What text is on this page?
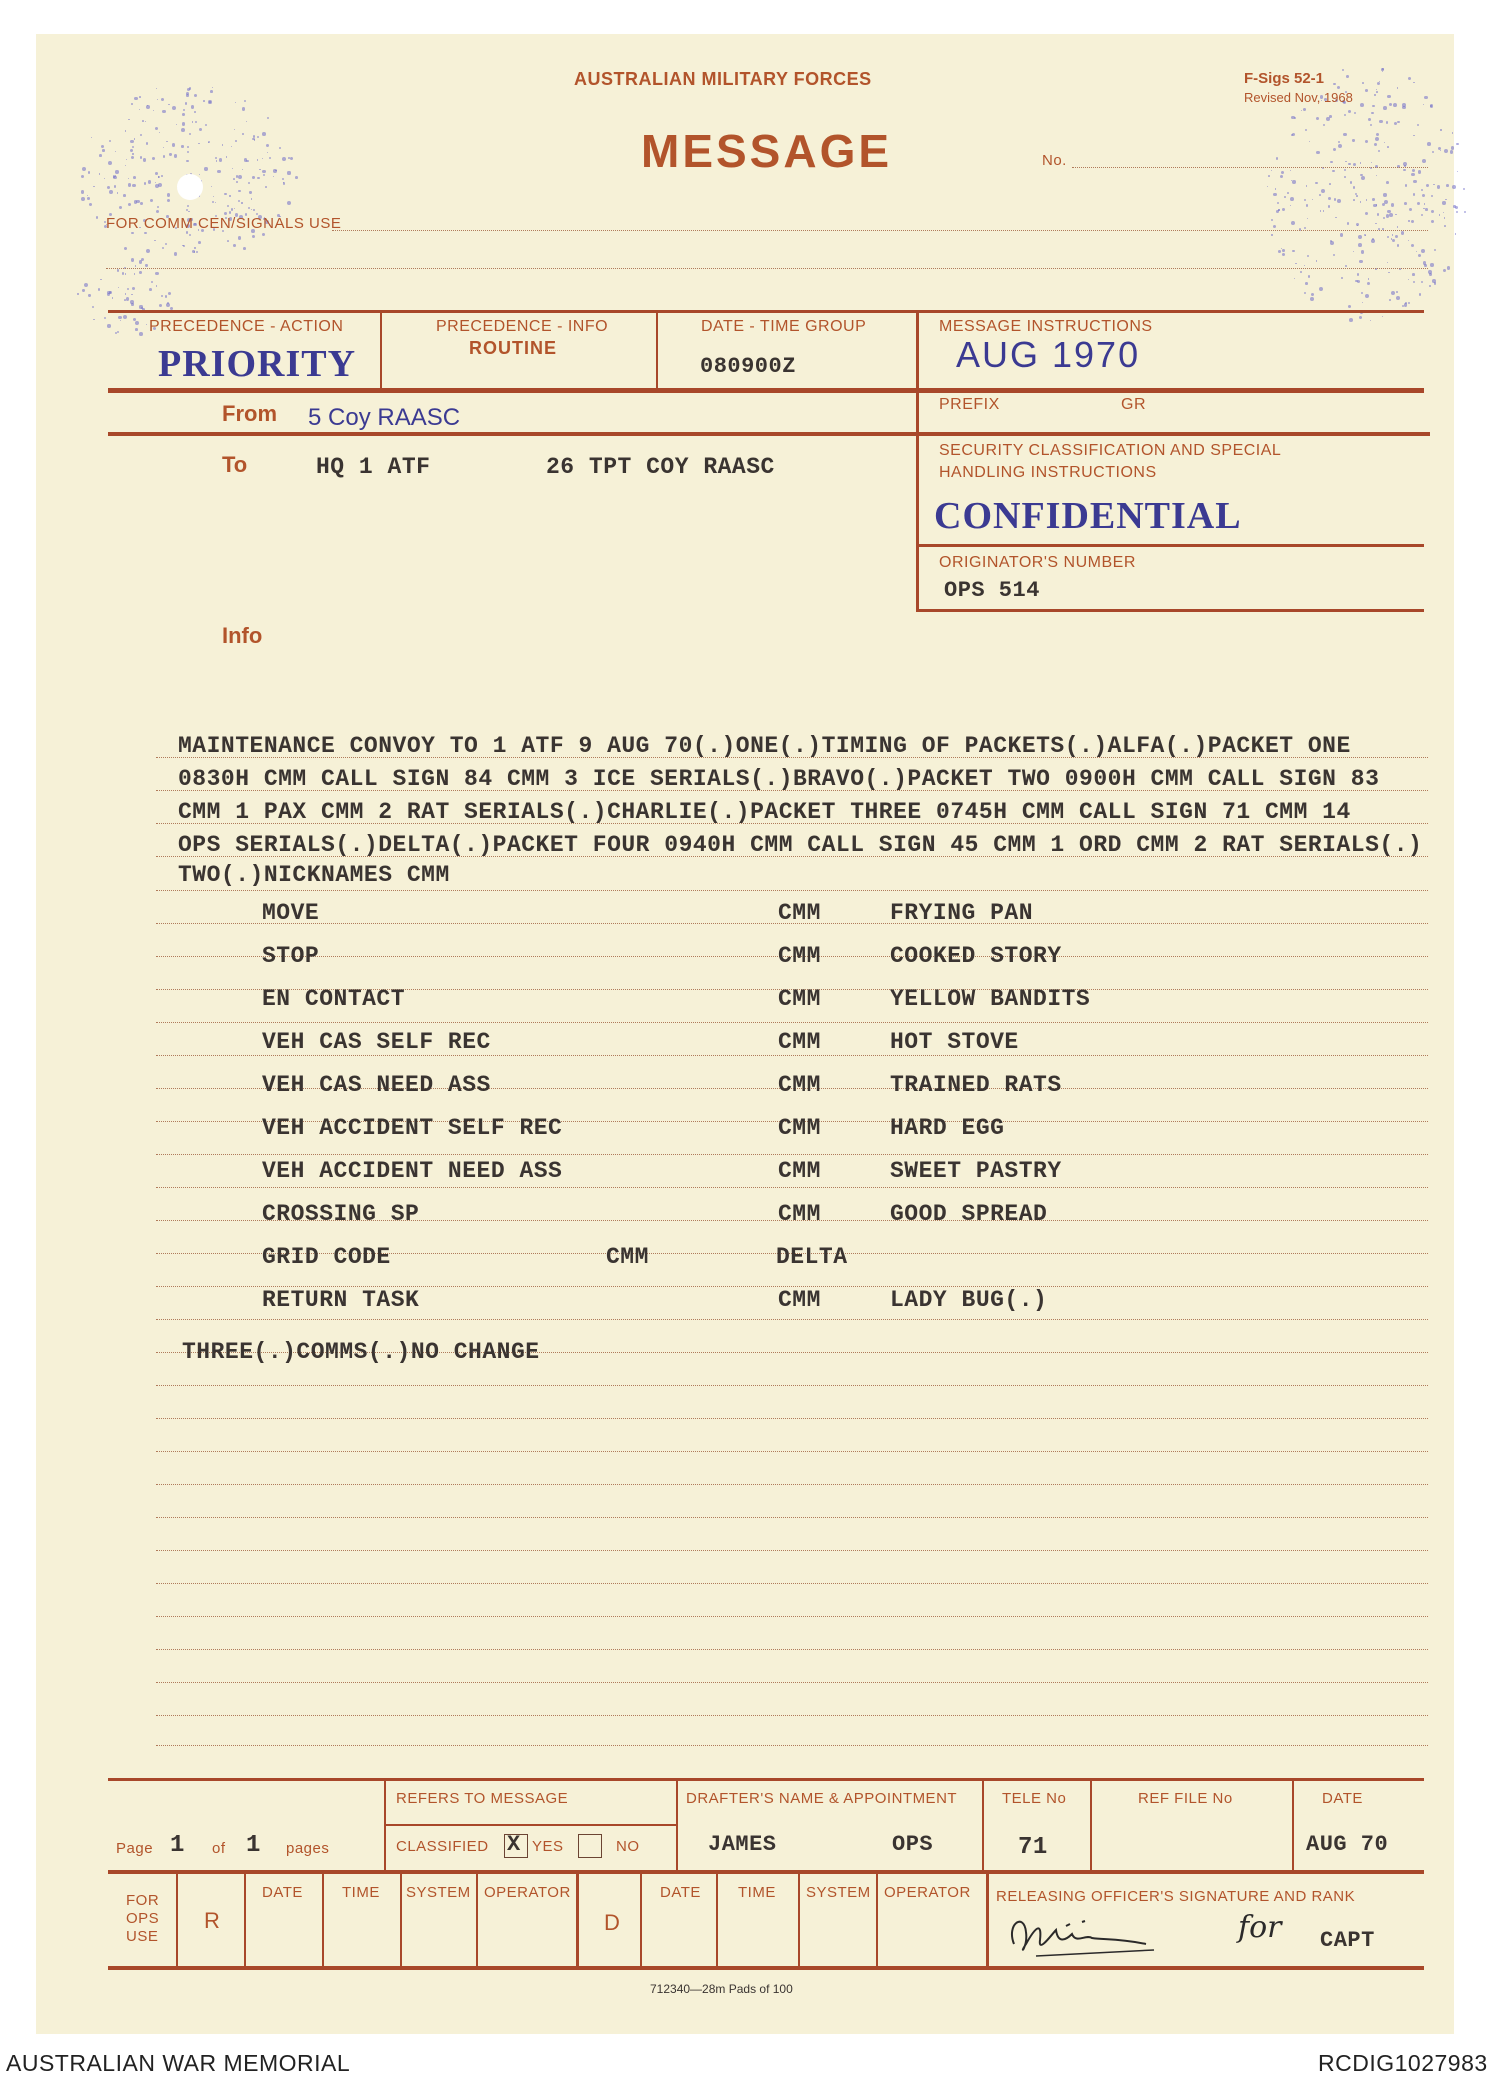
AUSTRALIAN MILITARY FORCES
MESSAGE
F-Sigs 52-1
Revised Nov, 1968
No.
FOR COMM CEN/SIGNALS USE
PRECEDENCE - ACTION
PRIORITY
PRECEDENCE - INFO
ROUTINE
DATE - TIME GROUP
080900Z
MESSAGE INSTRUCTIONS
AUG 1970
PREFIX	GR
From 5 Coy RAASC
To	HQ 1 ATF	26 TPT COY RAASC
SECURITY CLASSIFICATION AND SPECIAL
HANDLING INSTRUCTIONS
CONFIDENTIAL
ORIGINATOR'S NUMBER
OPS 514
Info
MAINTENANCE CONVOY TO 1 ATF 9 AUG 70(.)ONE(.)TIMING OF PACKETS(.)ALFA(.)PACKET ONE
0830H CMM CALL SIGN 84 CMM 3 ICE SERIALS(.)BRAVO(.)PACKET TWO 0900H CMM CALL SIGN 83
CMM 1 PAX CMM 2 RAT SERIALS(.)CHARLIE(.)PACKET THREE 0745H CMM CALL SIGN 71 CMM 14
OPS SERIALS(.)DELTA(.)PACKET FOUR 0940H CMM CALL SIGN 45 CMM 1 ORD CMM 2 RAT SERIALS(.)
TWO(.)NICKNAMES CMM
MOVE	CMM	FRYING PAN
STOP	CMM	COOKED STORY
EN CONTACT	CMM	YELLOW BANDITS
VEH CAS SELF REC	CMM	HOT STOVE
VEH CAS NEED ASS	CMM	TRAINED RATS
VEH ACCIDENT SELF REC	CMM	HARD EGG
VEH ACCIDENT NEED ASS	CMM	SWEET PASTRY
CROSSING SP	CMM	GOOD SPREAD
GRID CODE	CMM	DELTA
RETURN TASK	CMM	LADY BUG(.)
THREE(.)COMMS(.)NO CHANGE
Page 1 of 1 pages
REFERS TO MESSAGE
CLASSIFIED X YES	NO
DRAFTER'S NAME & APPOINTMENT
JAMES	OPS
TELE No
71
REF FILE No	DATE
AUG 70
FOR
OPS
USE
R
DATE	TIME SYSTEM OPERATOR
D
DATE TIME SYSTEM OPERATOR RELEASING OFFICER'S SIGNATURE AND RANK
for CAPT
712340—28m Pads of 100
AUSTRALIAN WAR MEMORIAL	RCDIG1027983
